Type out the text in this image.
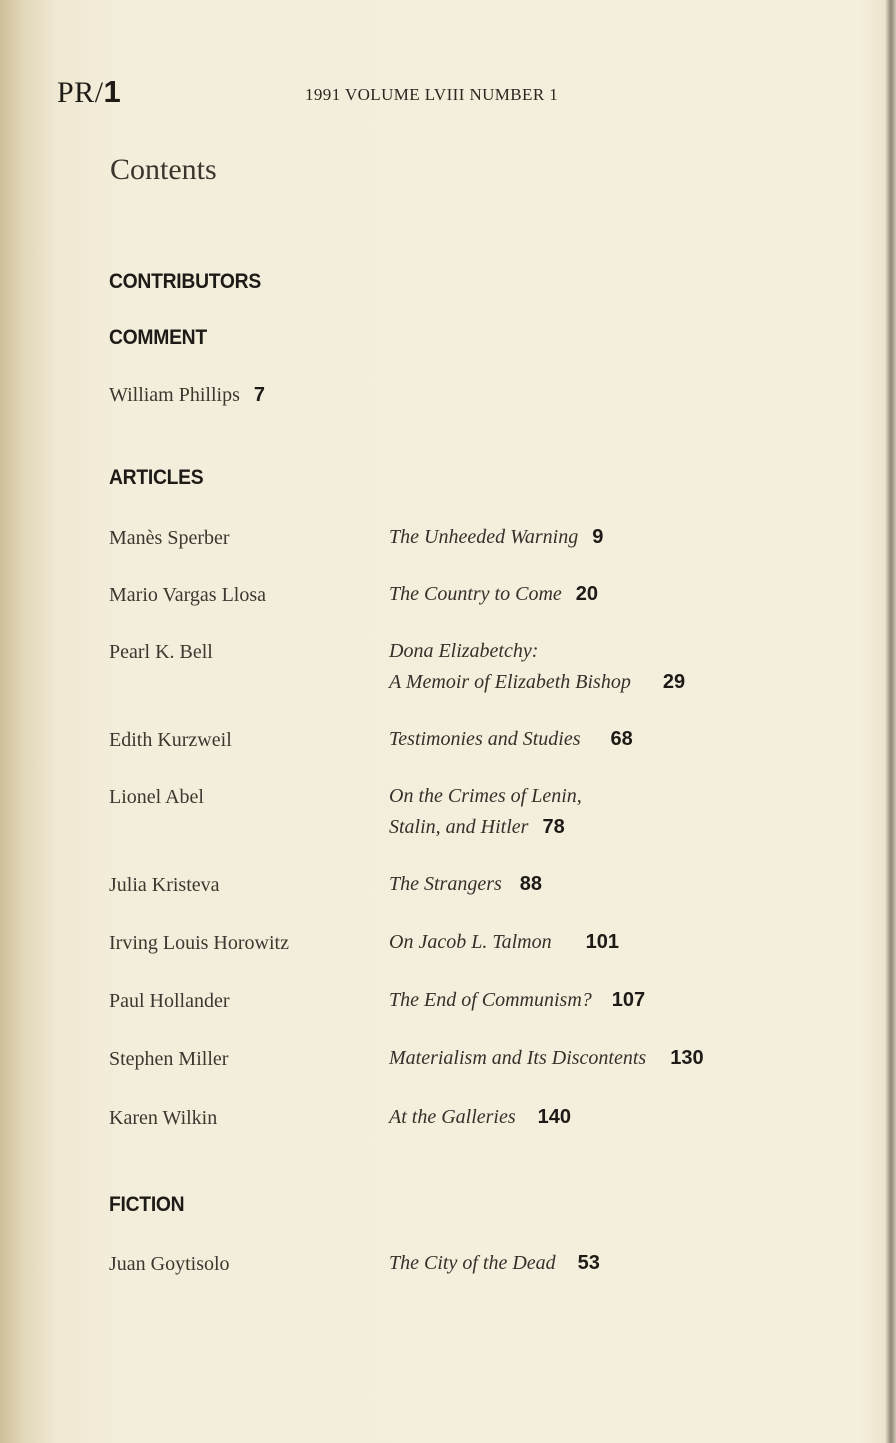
PR/1	1991 VOLUME LVIII NUMBER 1
Contents
CONTRIBUTORS
COMMENT
William Phillips 7
ARTICLES
Manès Sperber	The Unheeded Warning 9
Mario Vargas Llosa	The Country to Come 20
Pearl K. Bell	Dona Elizabetchy:
A Memoir of Elizabeth Bishop 29
Edith Kurzweil	Testimonies and Studies 68
Lionel Abel	On the Crimes of Lenin,
Stalin, and Hitler 78
Julia Kristeva	The Strangers 88
Irving Louis Horowitz	On Jacob L. Talmon 101
Paul Hollander	The End of Communism? 107
Stephen Miller	Materialism and Its Discontents 130
Karen Wilkin	At the Galleries 140
FICTION
Juan Goytisolo	The City of the Dead 53
